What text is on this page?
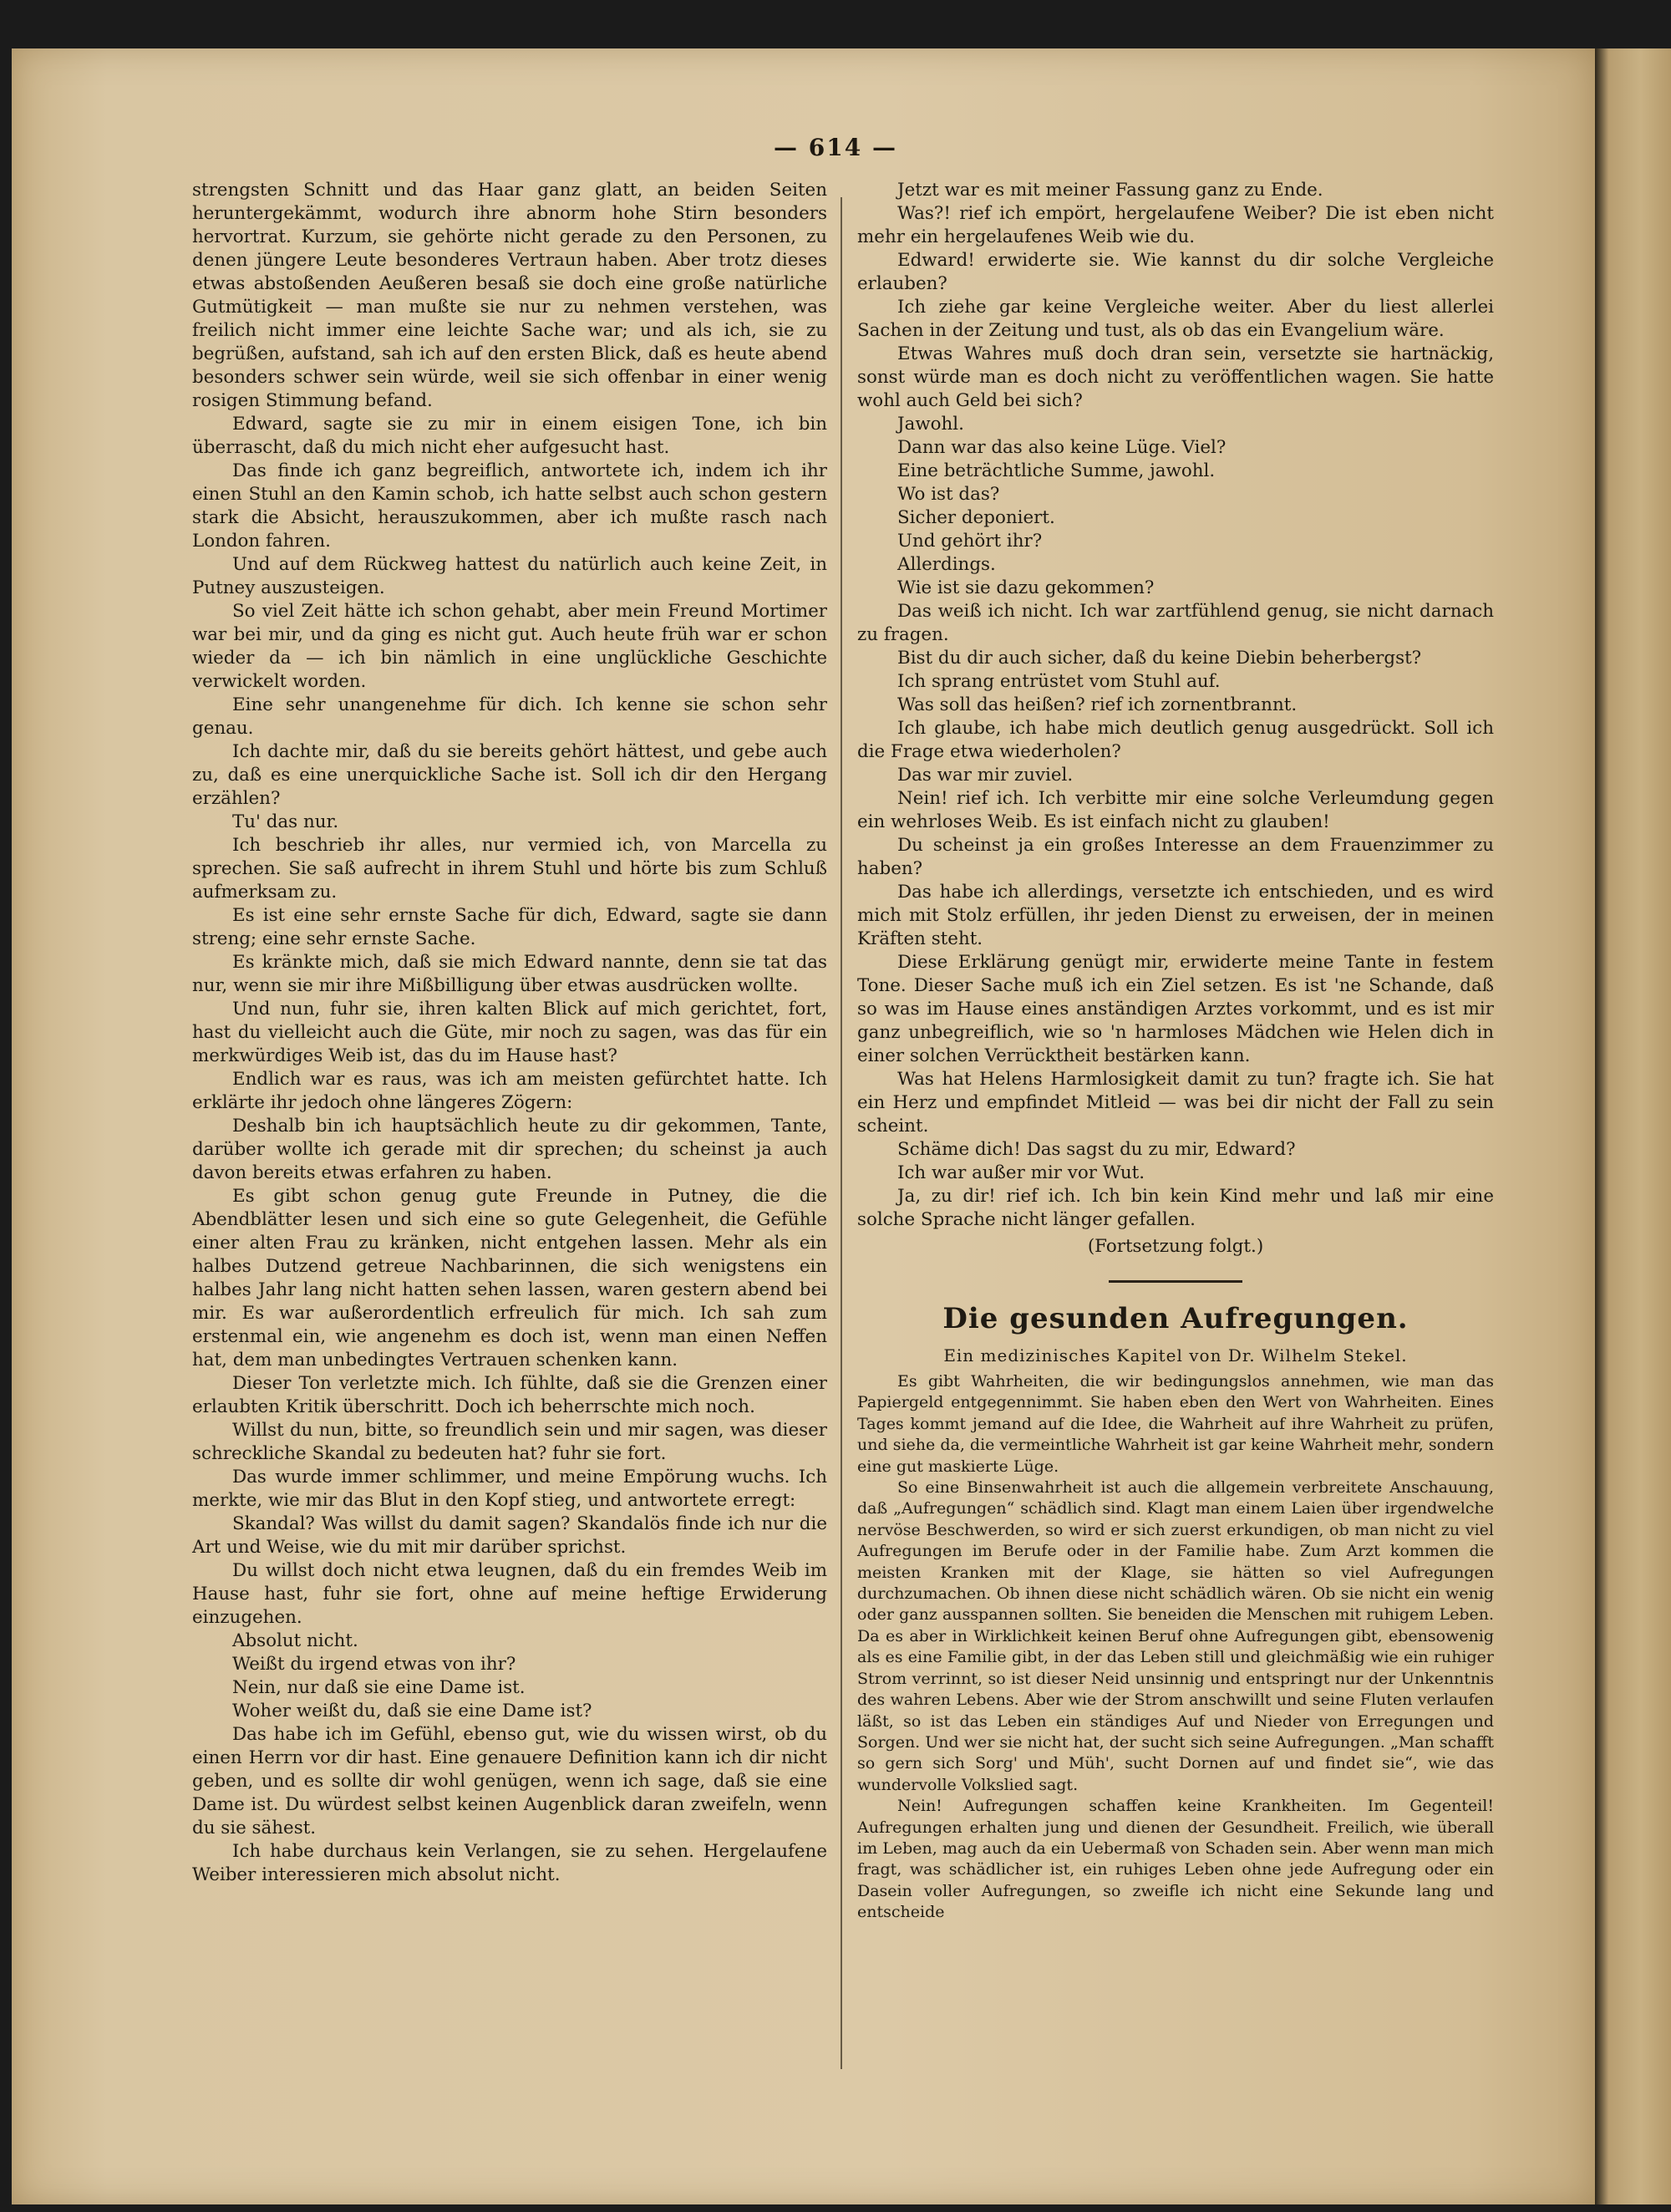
— 614 —

strengsten Schnitt und das Haar ganz glatt, an beiden Seiten heruntergekämmt, wodurch ihre abnorm hohe Stirn besonders hervortrat. Kurzum, sie gehörte nicht gerade zu den Personen, zu denen jüngere Leute besonderes Vertraun haben. Aber trotz dieses etwas abstoßenden Aeußeren besaß sie doch eine große natürliche Gutmütigkeit — man mußte sie nur zu nehmen verstehen, was freilich nicht immer eine leichte Sache war; und als ich, sie zu begrüßen, aufstand, sah ich auf den ersten Blick, daß es heute abend besonders schwer sein würde, weil sie sich offenbar in einer wenig rosigen Stimmung befand.

Edward, sagte sie zu mir in einem eisigen Tone, ich bin überrascht, daß du mich nicht eher aufgesucht hast.

Das finde ich ganz begreiflich, antwortete ich, indem ich ihr einen Stuhl an den Kamin schob, ich hatte selbst auch schon gestern stark die Absicht, herauszukommen, aber ich mußte rasch nach London fahren.

Und auf dem Rückweg hattest du natürlich auch keine Zeit, in Putney auszusteigen.

So viel Zeit hätte ich schon gehabt, aber mein Freund Mortimer war bei mir, und da ging es nicht gut. Auch heute früh war er schon wieder da — ich bin nämlich in eine unglückliche Geschichte verwickelt worden.

Eine sehr unangenehme für dich. Ich kenne sie schon sehr genau.

Ich dachte mir, daß du sie bereits gehört hättest, und gebe auch zu, daß es eine unerquickliche Sache ist. Soll ich dir den Hergang erzählen?

Tu' das nur.

Ich beschrieb ihr alles, nur vermied ich, von Marcella zu sprechen. Sie saß aufrecht in ihrem Stuhl und hörte bis zum Schluß aufmerksam zu.

Es ist eine sehr ernste Sache für dich, Edward, sagte sie dann streng; eine sehr ernste Sache.

Es kränkte mich, daß sie mich Edward nannte, denn sie tat das nur, wenn sie mir ihre Mißbilligung über etwas ausdrücken wollte.

Und nun, fuhr sie, ihren kalten Blick auf mich gerichtet, fort, hast du vielleicht auch die Güte, mir noch zu sagen, was das für ein merkwürdiges Weib ist, das du im Hause hast?

Endlich war es raus, was ich am meisten gefürchtet hatte. Ich erklärte ihr jedoch ohne längeres Zögern:

Deshalb bin ich hauptsächlich heute zu dir gekommen, Tante, darüber wollte ich gerade mit dir sprechen; du scheinst ja auch davon bereits etwas erfahren zu haben.

Es gibt schon genug gute Freunde in Putney, die die Abendblätter lesen und sich eine so gute Gelegenheit, die Gefühle einer alten Frau zu kränken, nicht entgehen lassen. Mehr als ein halbes Dutzend getreue Nachbarinnen, die sich wenigstens ein halbes Jahr lang nicht hatten sehen lassen, waren gestern abend bei mir. Es war außerordentlich erfreulich für mich. Ich sah zum erstenmal ein, wie angenehm es doch ist, wenn man einen Neffen hat, dem man unbedingtes Vertrauen schenken kann.

Dieser Ton verletzte mich. Ich fühlte, daß sie die Grenzen einer erlaubten Kritik überschritt. Doch ich beherrschte mich noch.

Willst du nun, bitte, so freundlich sein und mir sagen, was dieser schreckliche Skandal zu bedeuten hat? fuhr sie fort.

Das wurde immer schlimmer, und meine Empörung wuchs. Ich merkte, wie mir das Blut in den Kopf stieg, und antwortete erregt:

Skandal? Was willst du damit sagen? Skandalös finde ich nur die Art und Weise, wie du mit mir darüber sprichst.

Du willst doch nicht etwa leugnen, daß du ein fremdes Weib im Hause hast, fuhr sie fort, ohne auf meine heftige Erwiderung einzugehen.

Absolut nicht.

Weißt du irgend etwas von ihr?

Nein, nur daß sie eine Dame ist.

Woher weißt du, daß sie eine Dame ist?

Das habe ich im Gefühl, ebenso gut, wie du wissen wirst, ob du einen Herrn vor dir hast. Eine genauere Definition kann ich dir nicht geben, und es sollte dir wohl genügen, wenn ich sage, daß sie eine Dame ist. Du würdest selbst keinen Augenblick daran zweifeln, wenn du sie sähest.

Ich habe durchaus kein Verlangen, sie zu sehen. Hergelaufene Weiber interessieren mich absolut nicht.

Jetzt war es mit meiner Fassung ganz zu Ende.

Was?! rief ich empört, hergelaufene Weiber? Die ist eben nicht mehr ein hergelaufenes Weib wie du.

Edward! erwiderte sie. Wie kannst du dir solche Vergleiche erlauben?

Ich ziehe gar keine Vergleiche weiter. Aber du liest allerlei Sachen in der Zeitung und tust, als ob das ein Evangelium wäre.

Etwas Wahres muß doch dran sein, versetzte sie hartnäckig, sonst würde man es doch nicht zu veröffentlichen wagen. Sie hatte wohl auch Geld bei sich?

Jawohl.

Dann war das also keine Lüge. Viel?

Eine beträchtliche Summe, jawohl.

Wo ist das?

Sicher deponiert.

Und gehört ihr?

Allerdings.

Wie ist sie dazu gekommen?

Das weiß ich nicht. Ich war zartfühlend genug, sie nicht darnach zu fragen.

Bist du dir auch sicher, daß du keine Diebin beherbergst?

Ich sprang entrüstet vom Stuhl auf.

Was soll das heißen? rief ich zornentbrannt.

Ich glaube, ich habe mich deutlich genug ausgedrückt. Soll ich die Frage etwa wiederholen?

Das war mir zuviel.

Nein! rief ich. Ich verbitte mir eine solche Verleumdung gegen ein wehrloses Weib. Es ist einfach nicht zu glauben!

Du scheinst ja ein großes Interesse an dem Frauenzimmer zu haben?

Das habe ich allerdings, versetzte ich entschieden, und es wird mich mit Stolz erfüllen, ihr jeden Dienst zu erweisen, der in meinen Kräften steht.

Diese Erklärung genügt mir, erwiderte meine Tante in festem Tone. Dieser Sache muß ich ein Ziel setzen. Es ist 'ne Schande, daß so was im Hause eines anständigen Arztes vorkommt, und es ist mir ganz unbegreiflich, wie so 'n harmloses Mädchen wie Helen dich in einer solchen Verrücktheit bestärken kann.

Was hat Helens Harmlosigkeit damit zu tun? fragte ich. Sie hat ein Herz und empfindet Mitleid — was bei dir nicht der Fall zu sein scheint.

Schäme dich! Das sagst du zu mir, Edward?

Ich war außer mir vor Wut.

Ja, zu dir! rief ich. Ich bin kein Kind mehr und laß mir eine solche Sprache nicht länger gefallen.

(Fortsetzung folgt.)

Die gesunden Aufregungen.
Ein medizinisches Kapitel von Dr. Wilhelm Stekel.

Es gibt Wahrheiten, die wir bedingungslos annehmen, wie man das Papiergeld entgegennimmt. Sie haben eben den Wert von Wahrheiten. Eines Tages kommt jemand auf die Idee, die Wahrheit auf ihre Wahrheit zu prüfen, und siehe da, die vermeintliche Wahrheit ist gar keine Wahrheit mehr, sondern eine gut maskierte Lüge.

So eine Binsenwahrheit ist auch die allgemein verbreitete Anschauung, daß „Aufregungen“ schädlich sind. Klagt man einem Laien über irgendwelche nervöse Beschwerden, so wird er sich zuerst erkundigen, ob man nicht zu viel Aufregungen im Berufe oder in der Familie habe. Zum Arzt kommen die meisten Kranken mit der Klage, sie hätten so viel Aufregungen durchzumachen. Ob ihnen diese nicht schädlich wären. Ob sie nicht ein wenig oder ganz ausspannen sollten. Sie beneiden die Menschen mit ruhigem Leben. Da es aber in Wirklichkeit keinen Beruf ohne Aufregungen gibt, ebensowenig als es eine Familie gibt, in der das Leben still und gleichmäßig wie ein ruhiger Strom verrinnt, so ist dieser Neid unsinnig und entspringt nur der Unkenntnis des wahren Lebens. Aber wie der Strom anschwillt und seine Fluten verlaufen läßt, so ist das Leben ein ständiges Auf und Nieder von Erregungen und Sorgen. Und wer sie nicht hat, der sucht sich seine Aufregungen. „Man schafft so gern sich Sorg' und Müh', sucht Dornen auf und findet sie“, wie das wundervolle Volkslied sagt.

Nein! Aufregungen schaffen keine Krankheiten. Im Gegenteil! Aufregungen erhalten jung und dienen der Gesundheit. Freilich, wie überall im Leben, mag auch da ein Uebermaß von Schaden sein. Aber wenn man mich fragt, was schädlicher ist, ein ruhiges Leben ohne jede Aufregung oder ein Dasein voller Aufregungen, so zweifle ich nicht eine Sekunde lang und entscheide
